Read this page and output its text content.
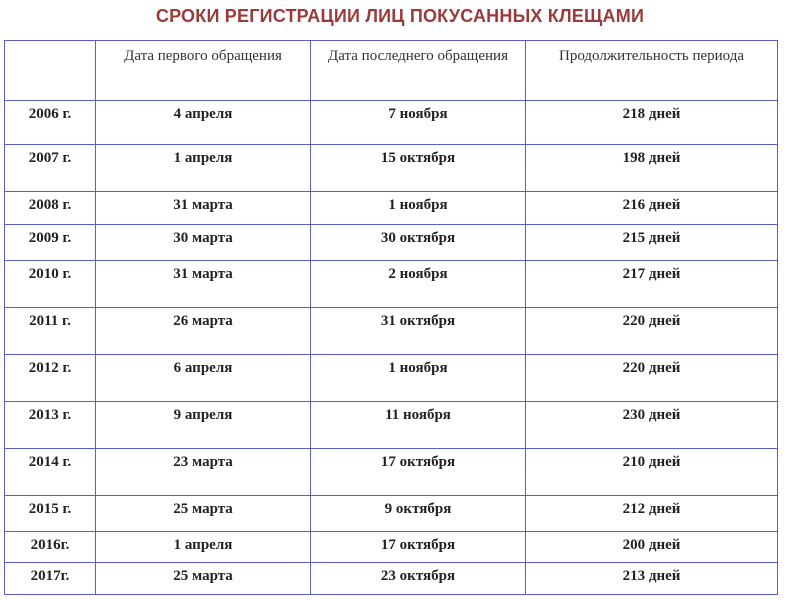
СРОКИ РЕГИСТРАЦИИ ЛИЦ ПОКУСАННЫХ КЛЕЩАМИ
	Дата первого обращения	Дата последнего обращения	Продолжительность периода
2006 г.	4 апреля	7 ноября	218 дней
2007 г.	1 апреля	15 октября	198 дней
2008 г.	31 марта	1 ноября	216 дней
2009 г.	30 марта	30 октября	215 дней
2010 г.	31 марта	2 ноября	217 дней
2011 г.	26 марта	31 октября	220 дней
2012 г.	6 апреля	1 ноября	220 дней
2013 г.	9 апреля	11 ноября	230 дней
2014 г.	23 марта	17 октября	210 дней
2015 г.	25 марта	9 октября	212 дней
2016г.	1 апреля	17 октября	200 дней
2017г.	25 марта	23 октября	213 дней
